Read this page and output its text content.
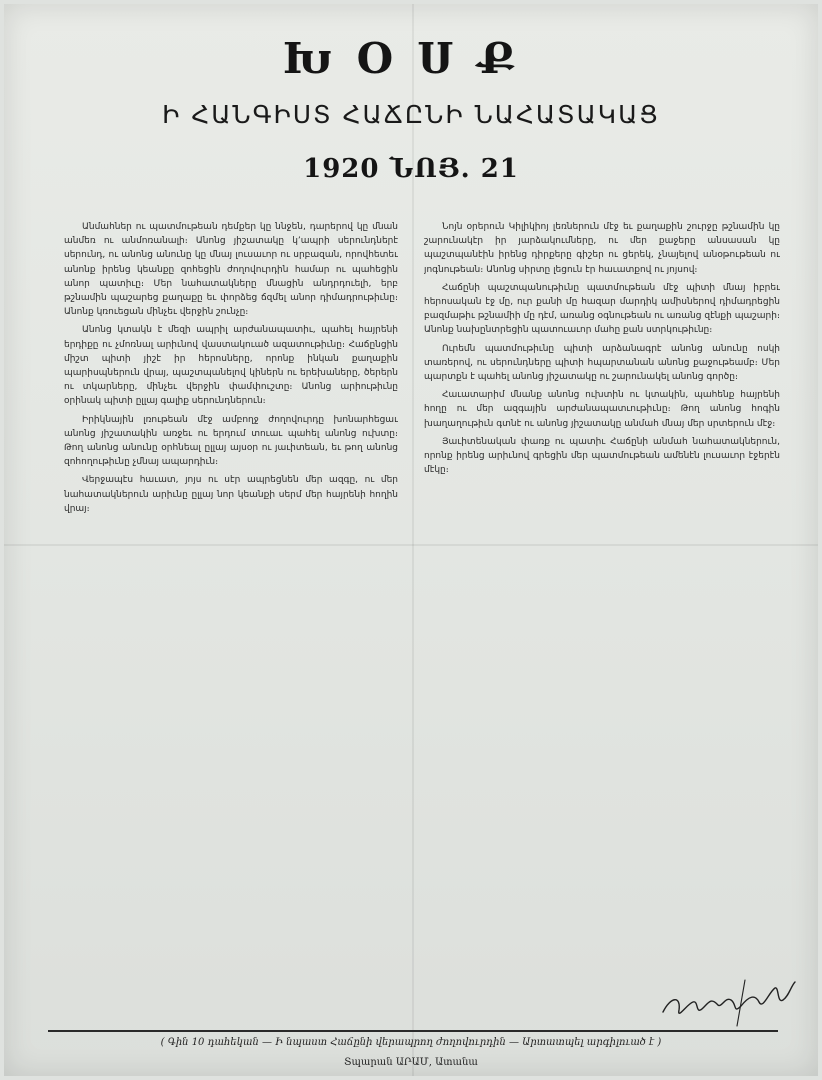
ԽՕՍՔ
Ի ՀԱՆԳԻՍՏ ՀԱՃԸՆԻ ՆԱՀԱՏԱԿԱՑ
1920 ՆՈՅ. 21

Անմահներ ու պատմութեան դեմքեր կը ննջեն, դարերով կը մնան անմեռ ու անմոռանալի։ Անոնց յիշատակը կ՚ապրի սերունդներէ սերունդ, ու անոնց անունը կը մնայ լուսաւոր ու սրբազան, որովհետեւ անոնք իրենց կեանքը զոհեցին ժողովուրդին համար ու պահեցին անոր պատիւը։ Մեր նահատակները մնացին անդրդուելի, երբ թշնամին պաշարեց քաղաքը եւ փորձեց ճզմել անոր դիմադրութիւնը։ Անոնք կռուեցան մինչեւ վերջին շունչը։

Անոնց կտակն է մեզի ապրիլ արժանապատիւ, պահել հայրենի երդիքը ու չմոռնալ արիւնով վաստակուած ազատութիւնը։ Հաճընցին միշտ պիտի յիշէ իր հերոսները, որոնք ինկան քաղաքին պարիսպներուն վրայ, պաշտպանելով կիներն ու երեխաները, ծերերն ու տկարները, մինչեւ վերջին փամփուշտը։ Անոնց արիութիւնը օրինակ պիտի ըլլայ գալիք սերունդներուն։

Իրիկնային լռութեան մէջ ամբողջ ժողովուրդը խոնարհեցաւ անոնց յիշատակին առջեւ ու երդում տուաւ պահել անոնց ուխտը։ Թող անոնց անունը օրհնեալ ըլլայ այսօր ու յաւիտեան, եւ թող անոնց զոհողութիւնը չմնայ ապարդիւն։

Վերջապէս հաւատ, յոյս ու սէր ապրեցնեն մեր ազգը, ու մեր նահատակներուն արիւնը ըլլայ նոր կեանքի սերմ մեր հայրենի հողին վրայ։

Նոյն օրերուն Կիլիկիոյ լեռներուն մէջ եւ քաղաքին շուրջը թշնամին կը շարունակէր իր յարձակումները, ու մեր քաջերը անսասան կը պաշտպանէին իրենց դիրքերը գիշեր ու ցերեկ, չնայելով անօթութեան ու յոգնութեան։ Անոնց սիրտը լեցուն էր հաւատքով ու յոյսով։

Հաճընի պաշտպանութիւնը պատմութեան մէջ պիտի մնայ իբրեւ հերոսական էջ մը, ուր քանի մը հազար մարդիկ ամիսներով դիմադրեցին բազմաթիւ թշնամիի մը դէմ, առանց օգնութեան ու առանց զէնքի պաշարի։ Անոնք նախընտրեցին պատուաւոր մահը քան ստրկութիւնը։

Ուրեմն պատմութիւնը պիտի արձանագրէ անոնց անունը ոսկի տառերով, ու սերունդները պիտի հպարտանան անոնց քաջութեամբ։ Մեր պարտքն է պահել անոնց յիշատակը ու շարունակել անոնց գործը։

Հաւատարիմ մնանք անոնց ուխտին ու կտակին, պահենք հայրենի հողը ու մեր ազգային արժանապատւութիւնը։ Թող անոնց հոգին խաղաղութիւն գտնէ ու անոնց յիշատակը անմահ մնայ մեր սրտերուն մէջ։

Յաւիտենական փառք ու պատիւ Հաճընի անմահ նահատակներուն, որոնք իրենց արիւնով գրեցին մեր պատմութեան ամենէն լուսաւոր էջերէն մէկը։

( Գին 10 դահեկան — Ի նպաստ Հաճընի վերապրող ժողովուրդին — Արտատպել արգիլուած է )
Տպարան ԱՐԱՄ, Ատանա
